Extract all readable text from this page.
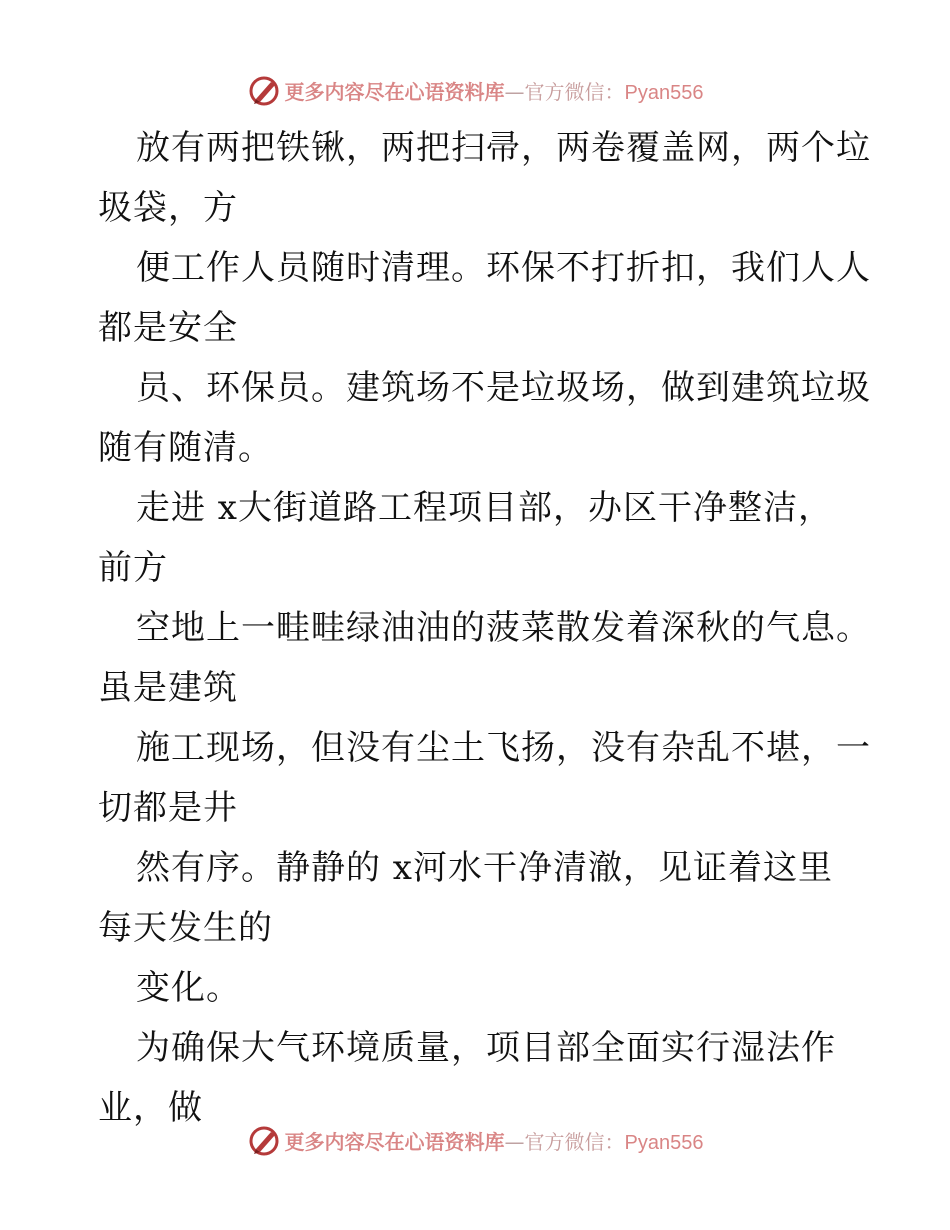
更多内容尽在心语资料库—官方微信：Pyan556
放有两把铁锹，两把扫帚，两卷覆盖网，两个垃
圾袋，方
便工作人员随时清理。环保不打折扣，我们人人
都是安全
员、环保员。建筑场不是垃圾场，做到建筑垃圾
随有随清。
走进 x大街道路工程项目部，办区干净整洁，
前方
空地上一畦畦绿油油的菠菜散发着深秋的气息。
虽是建筑
施工现场，但没有尘土飞扬，没有杂乱不堪，一
切都是井
然有序。静静的 x河水干净清澈，见证着这里
每天发生的
变化。
为确保大气环境质量，项目部全面实行湿法作
业，做
更多内容尽在心语资料库—官方微信：Pyan556
